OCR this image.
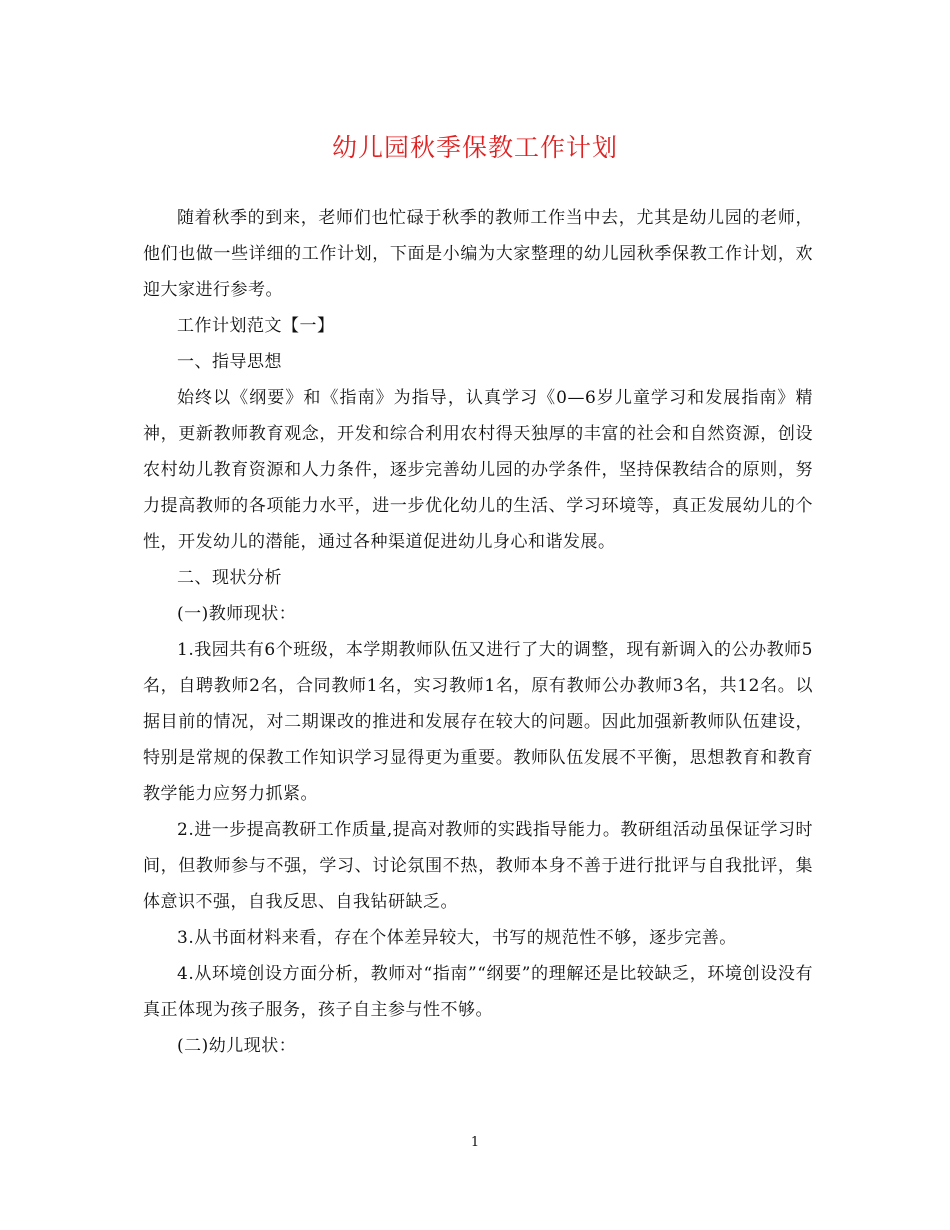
幼儿园秋季保教工作计划

随着秋季的到来，老师们也忙碌于秋季的教师工作当中去，尤其是幼儿园的老师，他们也做一些详细的工作计划，下面是小编为大家整理的幼儿园秋季保教工作计划，欢迎大家进行参考。

工作计划范文【一】

一、指导思想

始终以《纲要》和《指南》为指导，认真学习《0—6岁儿童学习和发展指南》精神，更新教师教育观念，开发和综合利用农村得天独厚的丰富的社会和自然资源，创设农村幼儿教育资源和人力条件，逐步完善幼儿园的办学条件，坚持保教结合的原则，努力提高教师的各项能力水平，进一步优化幼儿的生活、学习环境等，真正发展幼儿的个性，开发幼儿的潜能，通过各种渠道促进幼儿身心和谐发展。

二、现状分析

(一)教师现状：

1.我园共有6个班级，本学期教师队伍又进行了大的调整，现有新调入的公办教师5名，自聘教师2名，合同教师1名，实习教师1名，原有教师公办教师3名，共12名。以据目前的情况，对二期课改的推进和发展存在较大的问题。因此加强新教师队伍建设，特别是常规的保教工作知识学习显得更为重要。教师队伍发展不平衡，思想教育和教育教学能力应努力抓紧。

2.进一步提高教研工作质量,提高对教师的实践指导能力。教研组活动虽保证学习时间，但教师参与不强，学习、讨论氛围不热，教师本身不善于进行批评与自我批评，集体意识不强，自我反思、自我钻研缺乏。

3.从书面材料来看，存在个体差异较大，书写的规范性不够，逐步完善。

4.从环境创设方面分析，教师对“指南”“纲要”的理解还是比较缺乏，环境创设没有真正体现为孩子服务，孩子自主参与性不够。

(二)幼儿现状：

1
